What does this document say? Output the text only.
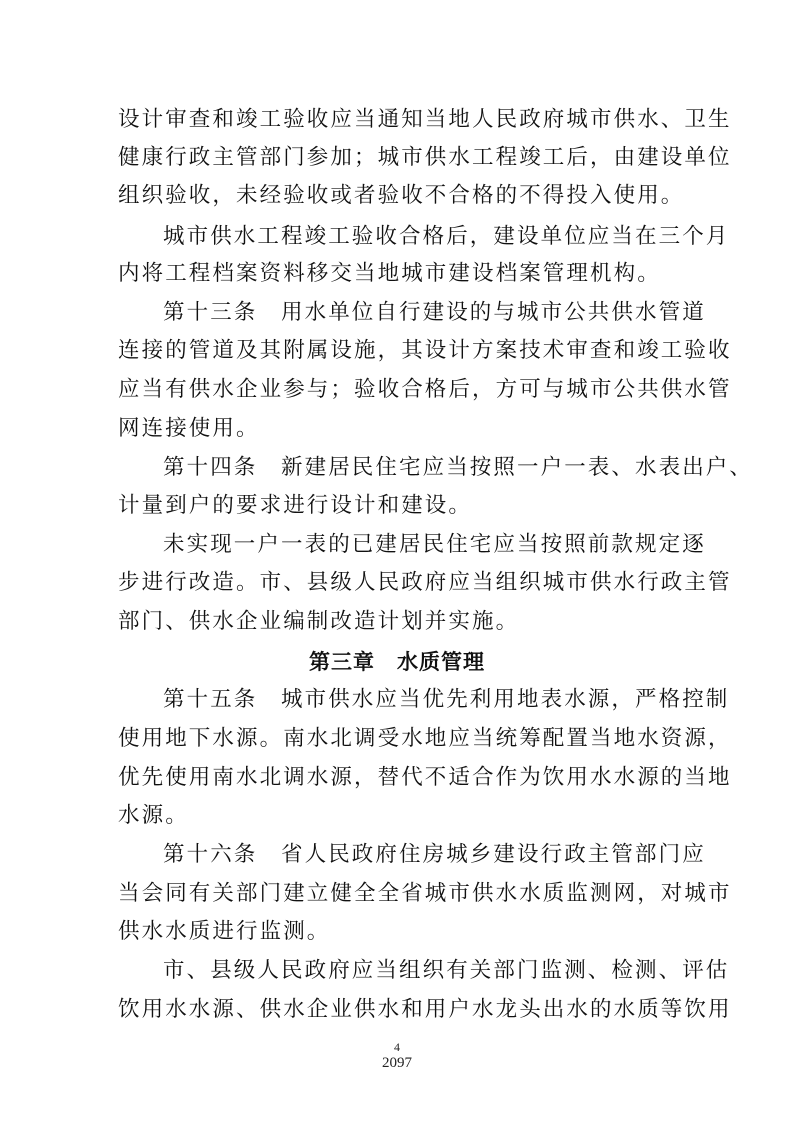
设计审查和竣工验收应当通知当地人民政府城市供水、卫生
健康行政主管部门参加；城市供水工程竣工后，由建设单位
组织验收，未经验收或者验收不合格的不得投入使用。
城市供水工程竣工验收合格后，建设单位应当在三个月
内将工程档案资料移交当地城市建设档案管理机构。
第十三条　用水单位自行建设的与城市公共供水管道
连接的管道及其附属设施，其设计方案技术审查和竣工验收
应当有供水企业参与；验收合格后，方可与城市公共供水管
网连接使用。
第十四条　新建居民住宅应当按照一户一表、水表出户、
计量到户的要求进行设计和建设。
未实现一户一表的已建居民住宅应当按照前款规定逐
步进行改造。市、县级人民政府应当组织城市供水行政主管
部门、供水企业编制改造计划并实施。
第三章　水质管理
第十五条　城市供水应当优先利用地表水源，严格控制
使用地下水源。南水北调受水地应当统筹配置当地水资源，
优先使用南水北调水源，替代不适合作为饮用水水源的当地
水源。
第十六条　省人民政府住房城乡建设行政主管部门应
当会同有关部门建立健全全省城市供水水质监测网，对城市
供水水质进行监测。
市、县级人民政府应当组织有关部门监测、检测、评估
饮用水水源、供水企业供水和用户水龙头出水的水质等饮用
4
2097
